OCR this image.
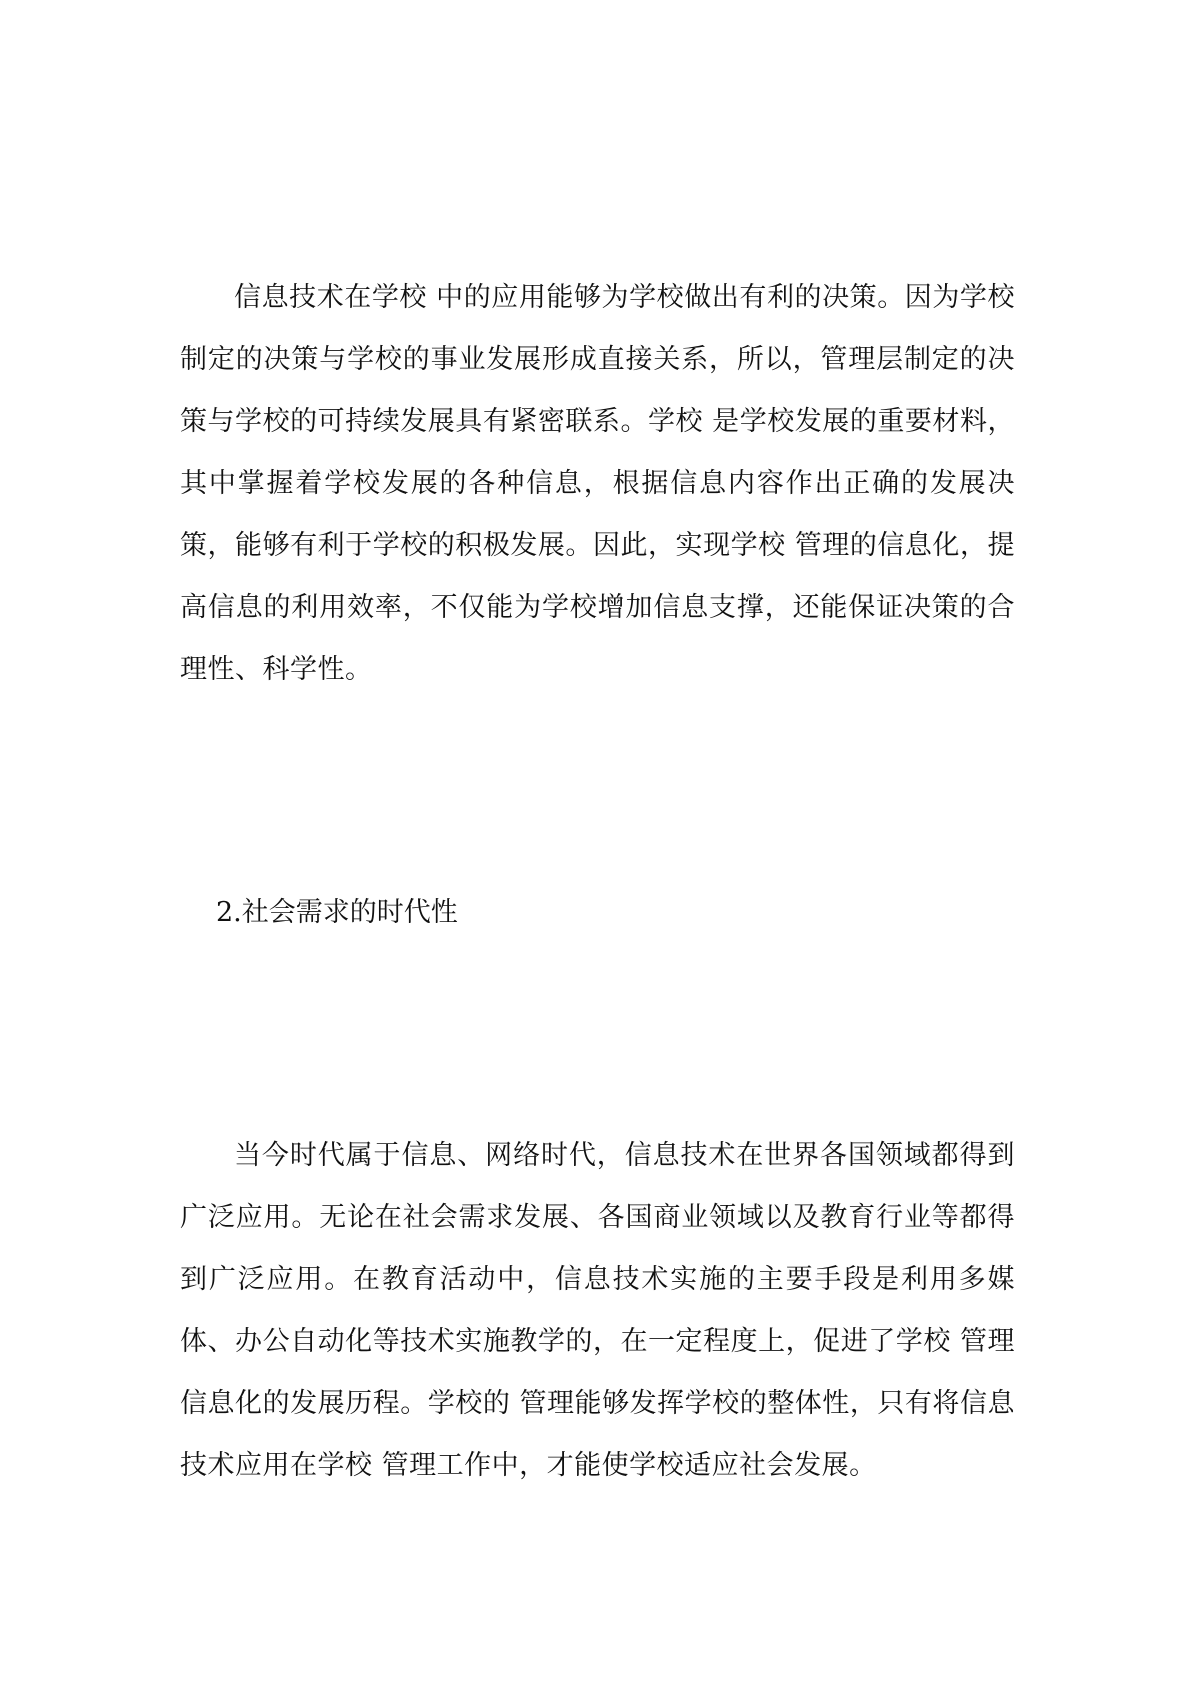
信息技术在学校 中的应用能够为学校做出有利的决策。因为学校制定的决策与学校的事业发展形成直接关系，所以，管理层制定的决策与学校的可持续发展具有紧密联系。学校 是学校发展的重要材料，其中掌握着学校发展的各种信息，根据信息内容作出正确的发展决策，能够有利于学校的积极发展。因此，实现学校 管理的信息化，提高信息的利用效率，不仅能为学校增加信息支撑，还能保证决策的合理性、科学性。

2.社会需求的时代性

当今时代属于信息、网络时代，信息技术在世界各国领域都得到广泛应用。无论在社会需求发展、各国商业领域以及教育行业等都得到广泛应用。在教育活动中，信息技术实施的主要手段是利用多媒体、办公自动化等技术实施教学的，在一定程度上，促进了学校 管理信息化的发展历程。学校的 管理能够发挥学校的整体性，只有将信息技术应用在学校 管理工作中，才能使学校适应社会发展。
